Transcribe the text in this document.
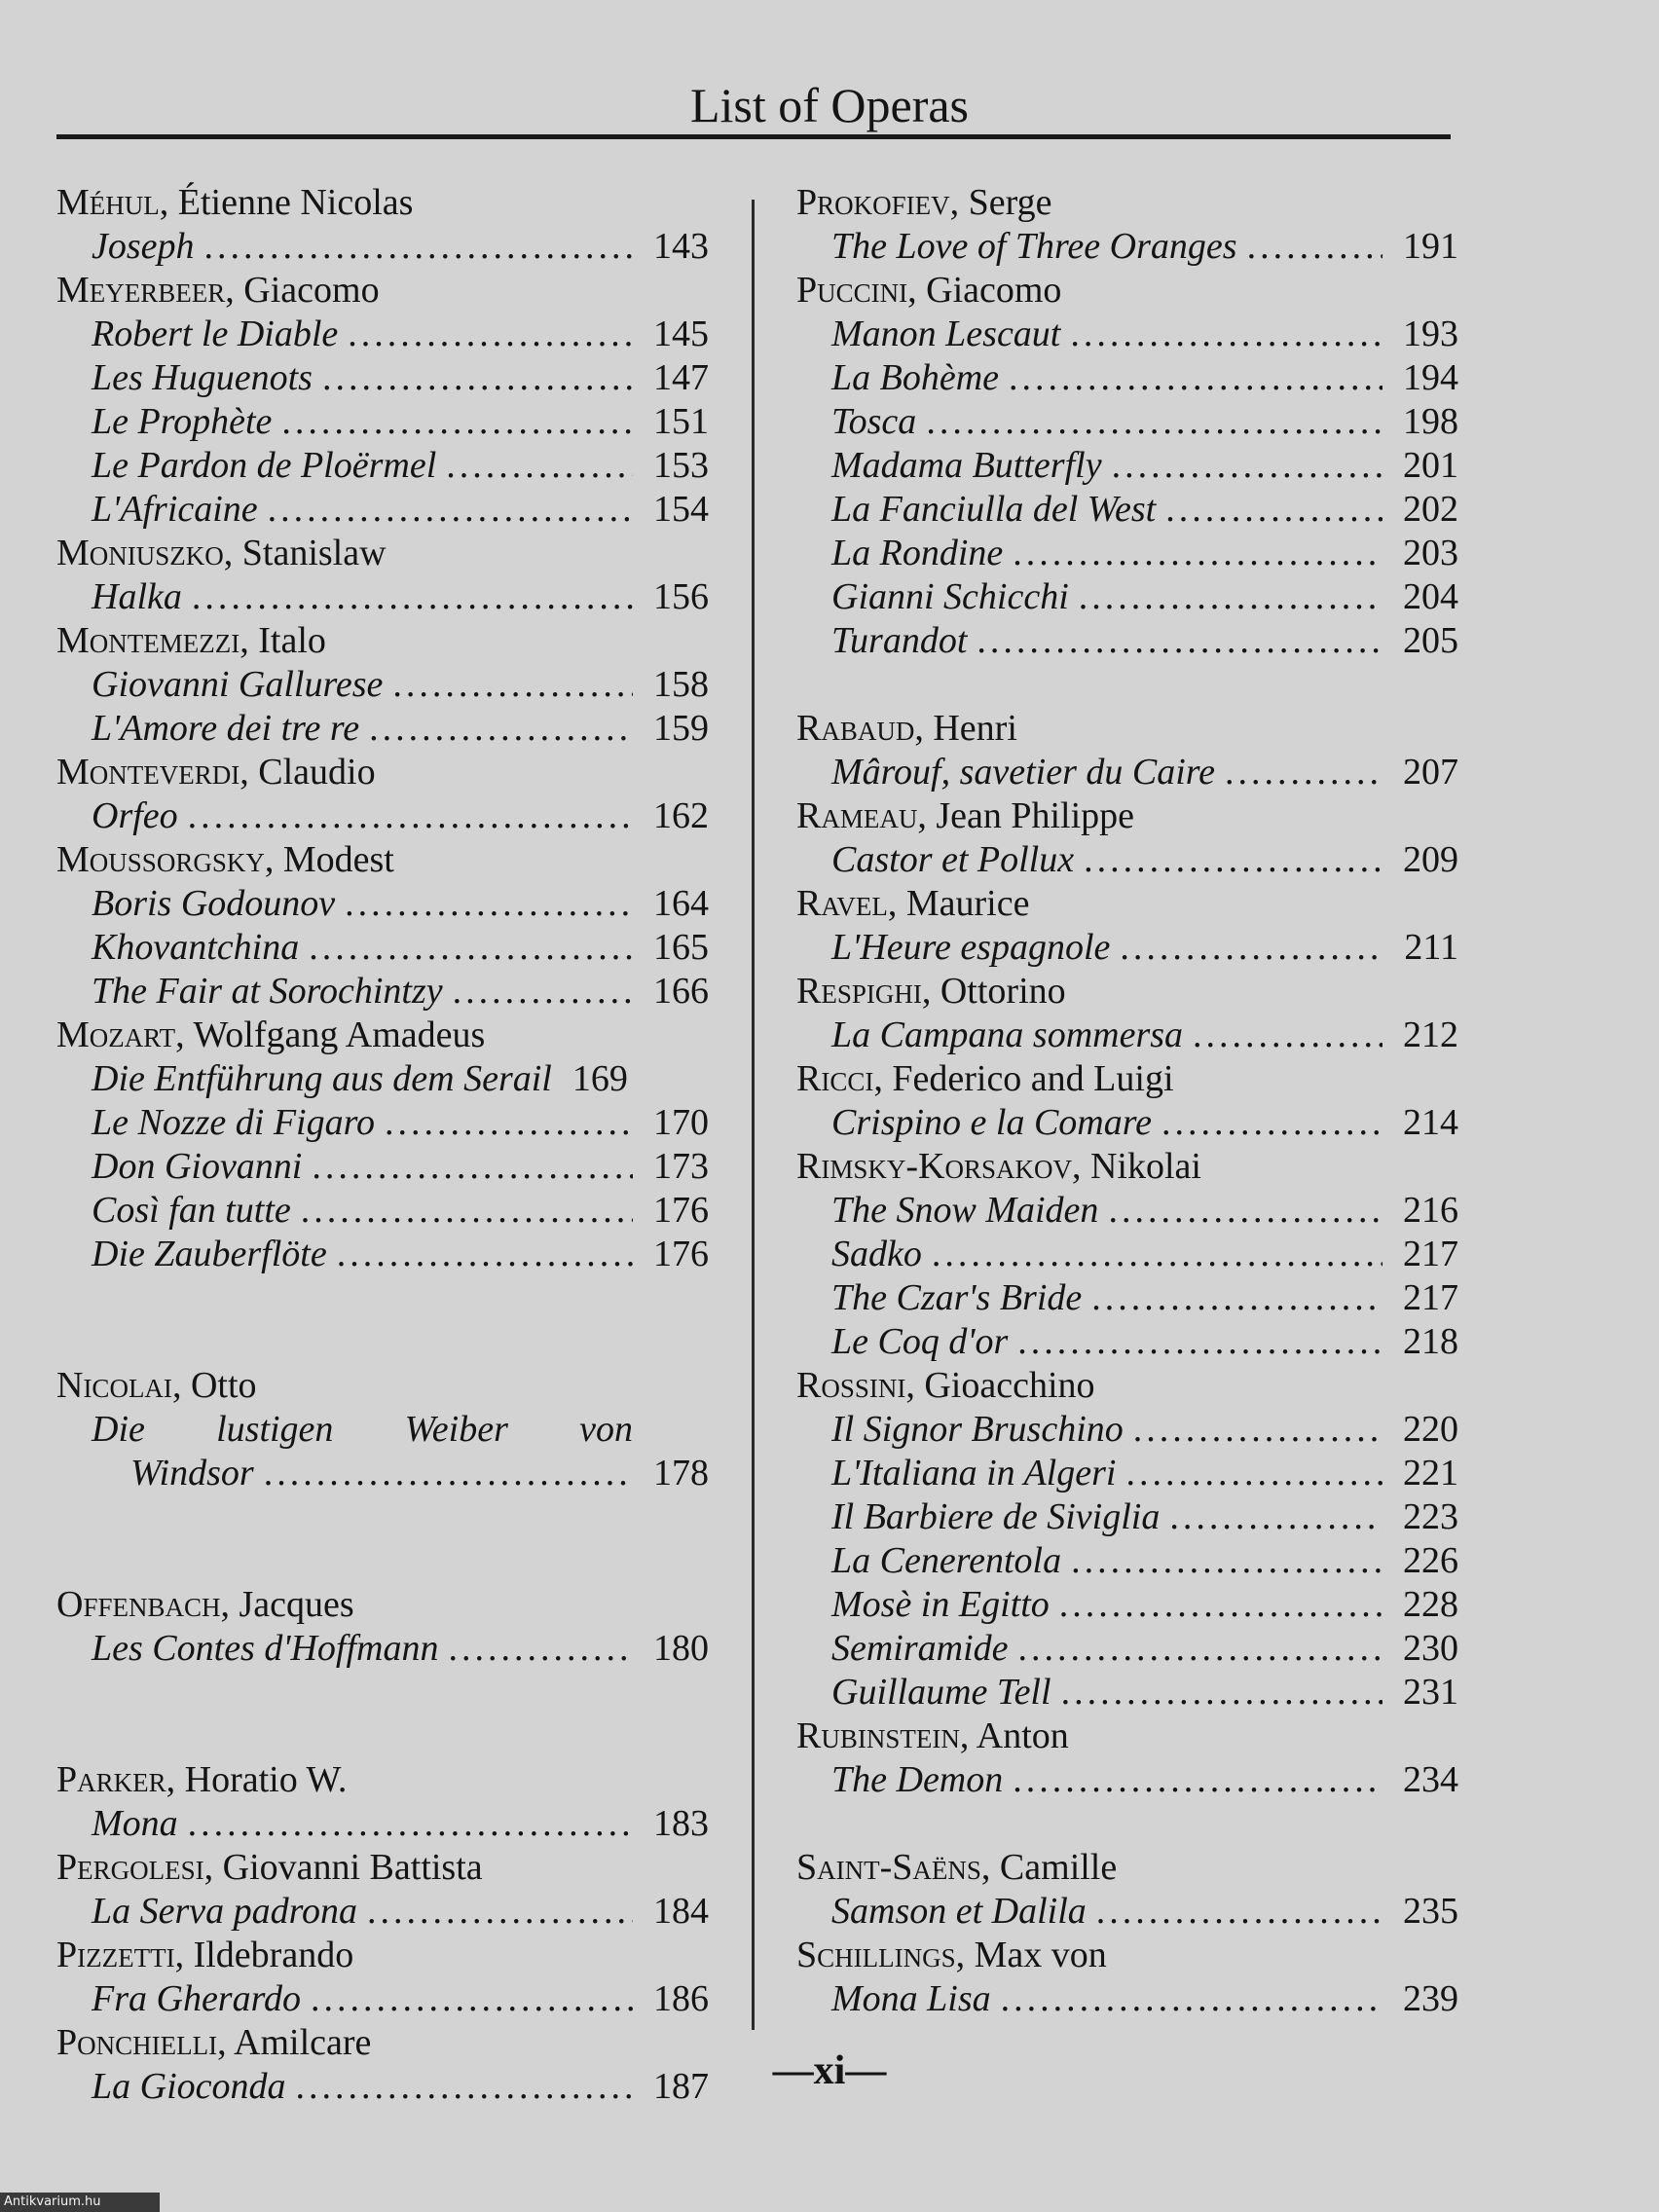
List of Operas
Méhul, Étienne Nicolas
Joseph .....	143
Meyerbeer, Giacomo
Robert le Diable .....	145
Les Huguenots .....	147
Le Prophète .....	151
Le Pardon de Ploërmel .....	153
L'Africaine .....	154
Moniuszko, Stanislaw
Halka .....	156
Montemezzi, Italo
Giovanni Gallurese .....	158
L'Amore dei tre re .....	159
Monteverdi, Claudio
Orfeo .....	162
Moussorgsky, Modest
Boris Godounov .....	164
Khovantchina .....	165
The Fair at Sorochintzy .....	166
Mozart, Wolfgang Amadeus
Die Entführung aus dem Serail 169
Le Nozze di Figaro .....	170
Don Giovanni .....	173
Così fan tutte .....	176
Die Zauberflöte .....	176
Nicolai, Otto
Die lustigen Weiber von
Windsor .....	178
Offenbach, Jacques
Les Contes d'Hoffmann .....	180
Parker, Horatio W.
Mona .....	183
Pergolesi, Giovanni Battista
La Serva padrona .....	184
Pizzetti, Ildebrando
Fra Gherardo .....	186
Ponchielli, Amilcare
La Gioconda .....	187
Prokofiev, Serge
The Love of Three Oranges .....	191
Puccini, Giacomo
Manon Lescaut .....	193
La Bohème .....	194
Tosca .....	198
Madama Butterfly .....	201
La Fanciulla del West .....	202
La Rondine .....	203
Gianni Schicchi .....	204
Turandot .....	205
Rabaud, Henri
Mârouf, savetier du Caire .....	207
Rameau, Jean Philippe
Castor et Pollux .....	209
Ravel, Maurice
L'Heure espagnole .....	211
Respighi, Ottorino
La Campana sommersa .....	212
Ricci, Federico and Luigi
Crispino e la Comare .....	214
Rimsky-Korsakov, Nikolai
The Snow Maiden .....	216
Sadko .....	217
The Czar's Bride .....	217
Le Coq d'or .....	218
Rossini, Gioacchino
Il Signor Bruschino .....	220
L'Italiana in Algeri .....	221
Il Barbiere de Siviglia .....	223
La Cenerentola .....	226
Mosè in Egitto .....	228
Semiramide .....	230
Guillaume Tell .....	231
Rubinstein, Anton
The Demon .....	234
Saint-Saëns, Camille
Samson et Dalila .....	235
Schillings, Max von
Mona Lisa .....	239
—xi—
Antikvarium.hu
